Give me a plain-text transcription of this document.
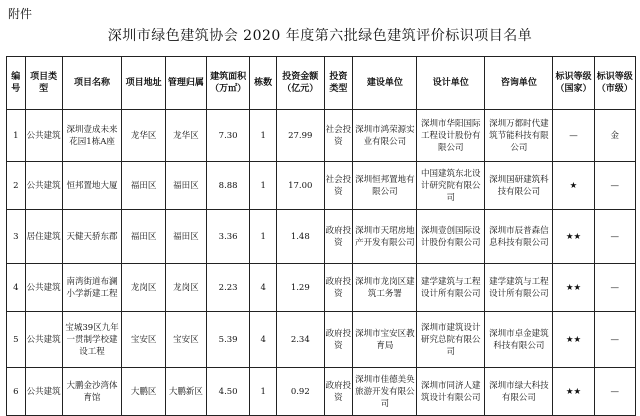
附件
深圳市绿色建筑协会 2020 年度第六批绿色建筑评价标识项目名单
编号	项目类型	项目名称	项目地址	管理归属	建筑面积（万㎡）	栋数	投资金额（亿元）	投资类型	建设单位	设计单位	咨询单位	标识等级（国家）	标识等级（市级）
1	公共建筑	深圳壹成未来花园1栋A座	龙华区	龙华区	7.30	1	27.99	社会投资	深圳市鸿荣源实业有限公司	深圳市华阳国际工程设计股份有限公司	深圳万都时代建筑节能科技有限公司	—	金
2	公共建筑	恒邦置地大厦	福田区	福田区	8.88	1	17.00	社会投资	深圳恒邦置地有限公司	中国建筑东北设计研究院有限公司	深圳国研建筑科技有限公司	★	—
3	居住建筑	天健天骄东郡	福田区	福田区	3.36	1	1.48	政府投资	深圳市天珺房地产开发有限公司	深圳壹创国际设计股份有限公司	深圳市辰普森信息科技有限公司	★★	—
4	公共建筑	南湾街道布澜小学新建工程	龙岗区	龙岗区	2.23	4	1.29	政府投资	深圳市龙岗区建筑工务署	建学建筑与工程设计所有限公司	建学建筑与工程设计所有限公司	★★	—
5	公共建筑	宝城39区九年一贯制学校建设工程	宝安区	宝安区	5.39	4	2.34	政府投资	深圳市宝安区教育局	深圳市建筑设计研究总院有限公司	深圳市卓金建筑科技有限公司	★★	—
6	公共建筑	大鹏金沙湾体育馆	大鹏区	大鹏新区	4.50	1	0.92	政府投资	深圳市佳德美奂旅游开发有限公司	深圳市同济人建筑设计有限公司	深圳市绿大科技有限公司	★★	—
